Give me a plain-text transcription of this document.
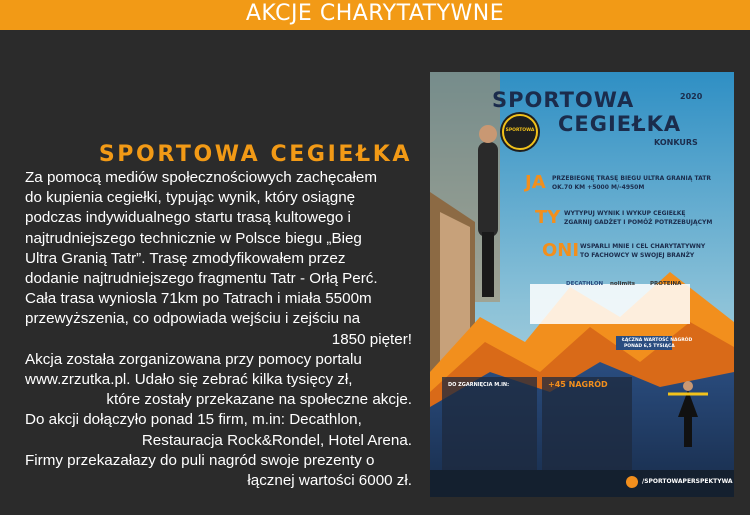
AKCJE CHARYTATYWNE
SPORTOWA CEGIEŁKA

Za pomocą mediów społecznościowych zachęcałem

do kupienia cegiełki, typując wynik, który osiągnę

podczas indywidualnego startu trasą kultowego i

najtrudniejszego technicznie w Polsce biegu „Bieg

Ultra Granią Tatr”. Trasę zmodyfikowałem przez

dodanie najtrudniejszego fragmentu Tatr - Orłą Perć.

Cała trasa wyniosla 71km po Tatrach i miała 5500m

przewyższenia, co odpowiada wejściu i zejściu na

1850 pięter!

Akcja została zorganizowana przy pomocy portalu

www.zrzutka.pl. Udało się zebrać kilka tysięcy zł,

które zostały przekazane na społeczne akcje.

Do akcji dołączyło ponad 15 firm, m.in: Decathlon,

Restauracja Rock&Rondel, Hotel Arena.

Firmy przekazałazy do puli nagród swoje prezenty o

łącznej wartości 6000 zł.

SPORTOWA	2020
CEGIEŁKA
KONKURS
SPORTOWA
JA PRZEBIEGNĘ TRASĘ BIEGU ULTRA GRANIĄ TATR
OK.70 KM +5000 M/-4950M
TY WYTYPUJ WYNIK I WYKUP CEGIEŁKĘ
ZGARNIJ GADŻET I POMÓŻ POTRZEBUJĄCYM
ONI WSPARLI MNIE I CEL CHARYTATYWNY
TO FACHOWCY W SWOJEJ BRANŻY
DECATHLON nolimits	PROTEINA
ŁĄCZNA WARTOŚĆ NAGRÓD
PONAD 6,5 TYSIĄCA
DO ZGARNIĘCIA M.IN:	+45 NAGRÓD
/SPORTOWAPERSPEKTYWA
